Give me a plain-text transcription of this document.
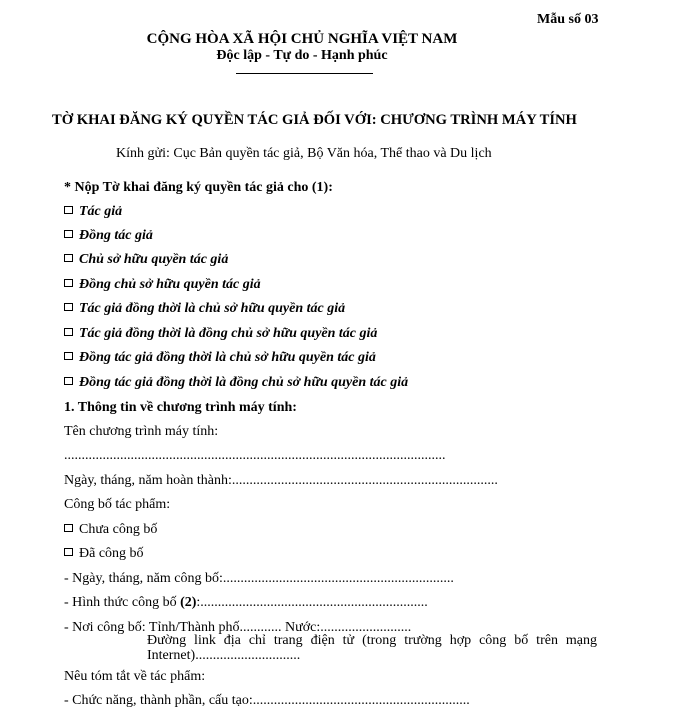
Mẫu số 03
CỘNG HÒA XÃ HỘI CHỦ NGHĨA VIỆT NAM
Độc lập - Tự do - Hạnh phúc
TỜ KHAI ĐĂNG KÝ QUYỀN TÁC GIẢ ĐỐI VỚI: CHƯƠNG TRÌNH MÁY TÍNH
Kính gửi: Cục Bản quyền tác giả, Bộ Văn hóa, Thể thao và Du lịch
* Nộp Tờ khai đăng ký quyền tác giả cho (1):
Tác giả
Đồng tác giả
Chủ sở hữu quyền tác giả
Đồng chủ sở hữu quyền tác giả
Tác giả đồng thời là chủ sở hữu quyền tác giả
Tác giả đồng thời là đồng chủ sở hữu quyền tác giả
Đồng tác giả đồng thời là chủ sở hữu quyền tác giả
Đồng tác giả đồng thời là đồng chủ sở hữu quyền tác giả
1. Thông tin về chương trình máy tính:
Tên chương trình máy tính:
.............................................................................................................
Ngày, tháng, năm hoàn thành:............................................................................
Công bố tác phẩm:
Chưa công bố
Đã công bố
- Ngày, tháng, năm công bố:..................................................................
- Hình thức công bố (2):.................................................................
- Nơi công bố: Tỉnh/Thành phố............ Nước:..........................
Đường link địa chỉ trang điện tử (trong trường hợp công bố trên mạng Internet)..............................
Nêu tóm tắt về tác phẩm:
- Chức năng, thành phần, cấu tạo:..............................................................
